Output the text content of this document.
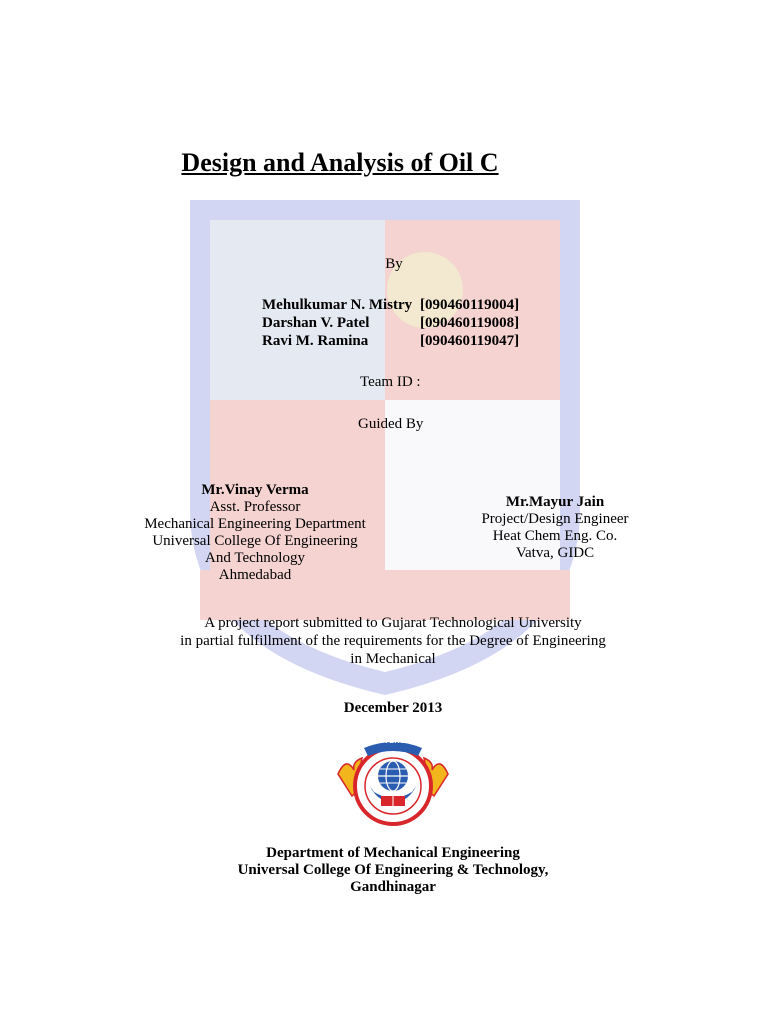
Design and Analysis of Oil C
By
Mehulkumar N. Mistry [090460119004]
Darshan V. Patel	[090460119008]
Ravi M. Ramina	[090460119047]
Team ID :
Guided By
Mr.Vinay Verma
Asst. Professor
Mechanical Engineering Department
Universal College Of Engineering
And Technology
Ahmedabad
Mr.Mayur Jain
Project/Design Engineer
Heat Chem Eng. Co.
Vatva, GIDC
A project report submitted to Gujarat Technological University
in partial fulfillment of the requirements for the Degree of Engineering
in Mechanical
December 2013
UNIVERSAL
Department of Mechanical Engineering
Universal College Of Engineering & Technology,
Gandhinagar
